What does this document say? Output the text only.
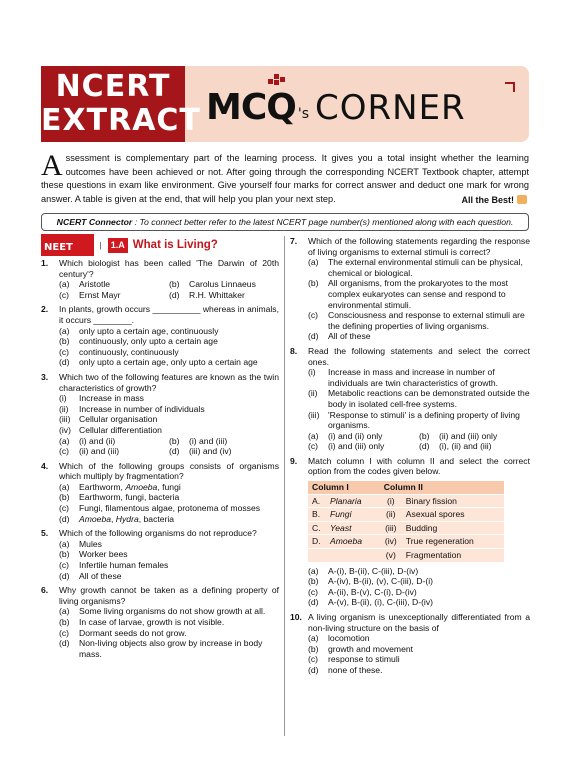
NCERT
EXTRACT MCQ 's CORNER
Assessment is complementary part of the learning process. It gives you a total insight whether the learning outcomes have been achieved or not. After going through the corresponding NCERT Textbook chapter, attempt these questions in exam like environment. Give yourself four marks for correct answer and deduct one mark for wrong answer. A table is given at the end, that will help you plan your next step.	All the Best!
NCERT Connector : To connect better refer to the latest NCERT page number(s) mentioned along with each question.
$NEET^{Plus}$	|	1.A What is Living?
1.	Which biologist has been called 'The Darwin of 20th century'?
(a)	Aristotle	(b)	Carolus Linnaeus
(c)	Ernst Mayr	(d)	R.H. Whittaker
2.	In plants, growth occurs __________ whereas in animals, it occurs ________.
(a)	only upto a certain age, continuously
(b)	continuously, only upto a certain age
(c)	continuously, continuously
(d)	only upto a certain age, only upto a certain age
3.	Which two of the following features are known as the twin characteristics of growth?
(i)	Increase in mass
(ii)	Increase in number of individuals
(iii) Cellular organisation
(iv) Cellular differentiation
(a)	(i) and (ii)	(b)	(i) and (iii)
(c)	(ii) and (iii)	(d)	(iii) and (iv)
4.	Which of the following groups consists of organisms which multiply by fragmentation?
(a)	Earthworm, Amoeba, fungi
(b)	Earthworm, fungi, bacteria
(c)	Fungi, filamentous algae, protonema of mosses
(d)	Amoeba, Hydra, bacteria
5.	Which of the following organisms do not reproduce?
(a)	Mules
(b)	Worker bees
(c)	Infertile human females
(d)	All of these
6.	Why growth cannot be taken as a defining property of living organisms?
(a)	Some living organisms do not show growth at all.
(b)	In case of larvae, growth is not visible.
(c)	Dormant seeds do not grow.
(d)	Non-living objects also grow by increase in body mass.
7.	Which of the following statements regarding the response of living organisms to external stimuli is correct?
(a)	The external environmental stimuli can be physical, chemical or biological.
(b)	All organisms, from the prokaryotes to the most complex eukaryotes can sense and respond to environmental stimuli.
(c)	Consciousness and response to external stimuli are the defining properties of living organisms.
(d)	All of these
8.	Read the following statements and select the correct ones.
(i)	Increase in mass and increase in number of individuals are twin characteristics of growth.
(ii)	Metabolic reactions can be demonstrated outside the body in isolated cell-free systems.
(iii) 'Response to stimuli' is a defining property of living organisms.
(a)	(i) and (ii) only	(b)	(ii) and (iii) only
(c)	(i) and (iii) only	(d)	(i), (ii) and (iii)
9.	Match column I with column II and select the correct option from the codes given below.
Column I		Column II	
A.	Planaria	(i)	Binary fission
B.	Fungi	(ii)	Asexual spores
C.	Yeast	(iii)	Budding
D.	Amoeba	(iv)	True regeneration
		(v)	Fragmentation
(a)	A-(i), B-(ii), C-(iii), D-(iv)
(b)	A-(iv), B-(ii), (v), C-(iii), D-(i)
(c)	A-(ii), B-(v), C-(i), D-(iv)
(d)	A-(v), B-(ii), (i), C-(iii), D-(iv)
10. A living organism is unexceptionally differentiated from a non-living structure on the basis of
(a)	locomotion
(b)	growth and movement
(c)	response to stimuli
(d)	none of these.
